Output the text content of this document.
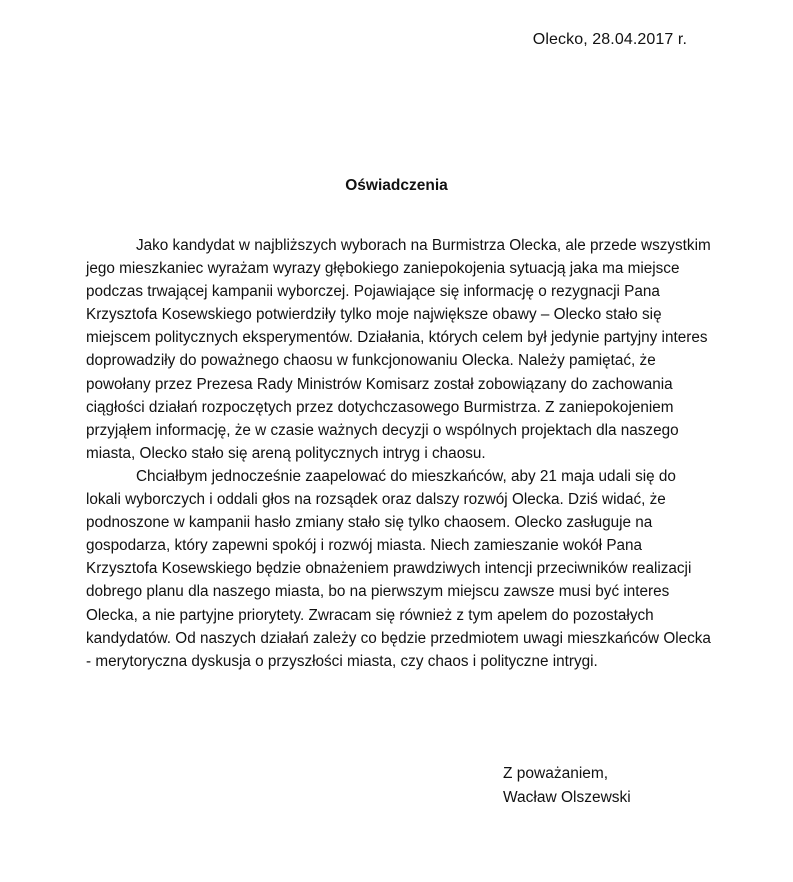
Olecko, 28.04.2017 r.
Oświadczenia

Jako kandydat w najbliższych wyborach na Burmistrza Olecka, ale przede wszystkim jego mieszkaniec wyrażam wyrazy głębokiego zaniepokojenia sytuacją jaka ma miejsce podczas trwającej kampanii wyborczej. Pojawiające się informację o rezygnacji Pana Krzysztofa Kosewskiego potwierdziły tylko moje największe obawy – Olecko stało się miejscem politycznych eksperymentów. Działania, których celem był jedynie partyjny interes doprowadziły do poważnego chaosu w funkcjonowaniu Olecka. Należy pamiętać, że powołany przez Prezesa Rady Ministrów Komisarz został zobowiązany do zachowania ciągłości działań rozpoczętych przez dotychczasowego Burmistrza. Z zaniepokojeniem przyjąłem informację, że w czasie ważnych decyzji o wspólnych projektach dla naszego miasta, Olecko stało się areną politycznych intryg i chaosu.

Chciałbym jednocześnie zaapelować do mieszkańców, aby 21 maja udali się do lokali wyborczych i oddali głos na rozsądek oraz dalszy rozwój Olecka. Dziś widać, że podnoszone w kampanii hasło zmiany stało się tylko chaosem. Olecko zasługuje na gospodarza, który zapewni spokój i rozwój miasta. Niech zamieszanie wokół Pana Krzysztofa Kosewskiego będzie obnażeniem prawdziwych intencji przeciwników realizacji dobrego planu dla naszego miasta, bo na pierwszym miejscu zawsze musi być interes Olecka, a nie partyjne priorytety. Zwracam się również z tym apelem do pozostałych kandydatów. Od naszych działań zależy co będzie przedmiotem uwagi mieszkańców Olecka - merytoryczna dyskusja o przyszłości miasta, czy chaos i polityczne intrygi.

Z poważaniem,
Wacław Olszewski
